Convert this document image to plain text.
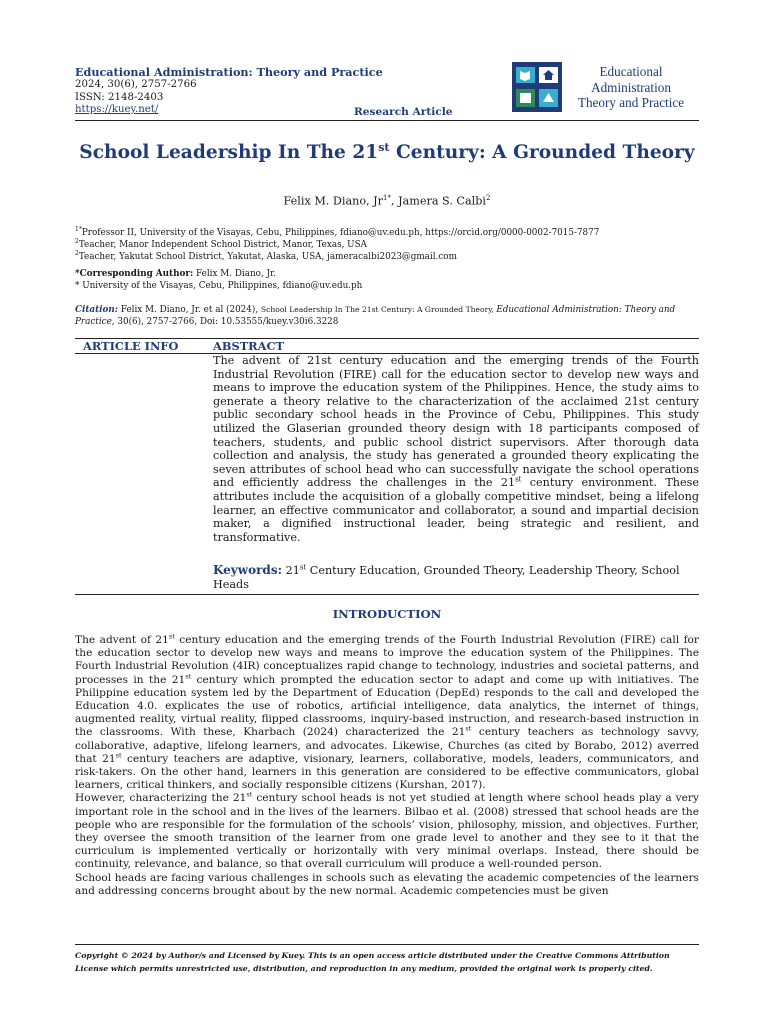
Educational Administration: Theory and Practice
2024, 30(6), 2757-2766
ISSN: 2148-2403
https://kuey.net/	Research Article
Educational
Administration
Theory and Practice
School Leadership In The 21st Century: A Grounded Theory
Felix M. Diano, $Jr^{1*}$, Jamera S. Calbi$^2$
$^{1*}$Professor II, University of the Visayas, Cebu, Philippines, fdiano@uv.edu.ph, https://orcid.org/0000-0002-7015-7877
$^2$Teacher, Manor Independent School District, Manor, Texas, USA
$^2$Teacher, Yakutat School District, Yakutat, Alaska, USA, jameracalbi2023@gmail.com
*Corresponding Author: Felix M. Diano, Jr.
* University of the Visayas, Cebu, Philippines, fdiano@uv.edu.ph
Citation: Felix M. Diano, Jr. et al (2024), School Leadership In The 21st Century: A Grounded Theory, Educational Administration: Theory and Practice, 30(6), 2757-2766, Doi: 10.53555/kuey.v30i6.3228
ARTICLE INFO	ABSTRACT
The advent of 21st century education and the emerging trends of the Fourth Industrial Revolution (FIRE) call for the education sector to develop new ways and means to improve the education system of the Philippines. Hence, the study aims to generate a theory relative to the characterization of the acclaimed 21st century public secondary school heads in the Province of Cebu, Philippines. This study utilized the Glaserian grounded theory design with 18 participants composed of teachers, students, and public school district supervisors. After thorough data collection and analysis, the study has generated a grounded theory explicating the seven attributes of school head who can successfully navigate the school operations and efficiently address the challenges in the 21st century environment. These attributes include the acquisition of a globally competitive mindset, being a lifelong learner, an effective communicator and collaborator, a sound and impartial decision maker, a dignified instructional leader, being strategic and resilient, and transformative.
Keywords: 21st Century Education, Grounded Theory, Leadership Theory, School Heads
INTRODUCTION

The advent of 21st century education and the emerging trends of the Fourth Industrial Revolution (FIRE) call for the education sector to develop new ways and means to improve the education system of the Philippines. The Fourth Industrial Revolution (4IR) conceptualizes rapid change to technology, industries and societal patterns, and processes in the 21st century which prompted the education sector to adapt and come up with initiatives. The Philippine education system led by the Department of Education (DepEd) responds to the call and developed the Education 4.0. explicates the use of robotics, artificial intelligence, data analytics, the internet of things, augmented reality, virtual reality, flipped classrooms, inquiry-based instruction, and research-based instruction in the classrooms. With these, Kharbach (2024) characterized the 21st century teachers as technology savvy, collaborative, adaptive, lifelong learners, and advocates. Likewise, Churches (as cited by Borabo, 2012) averred that 21st century teachers are adaptive, visionary, learners, collaborative, models, leaders, communicators, and risk-takers. On the other hand, learners in this generation are considered to be effective communicators, global learners, critical thinkers, and socially responsible citizens (Kurshan, 2017).

However, characterizing the 21st century school heads is not yet studied at length where school heads play a very important role in the school and in the lives of the learners. Bilbao et al. (2008) stressed that school heads are the people who are responsible for the formulation of the schools’ vision, philosophy, mission, and objectives. Further, they oversee the smooth transition of the learner from one grade level to another and they see to it that the curriculum is implemented vertically or horizontally with very minimal overlaps. Instead, there should be continuity, relevance, and balance, so that overall curriculum will produce a well-rounded person.

School heads are facing various challenges in schools such as elevating the academic competencies of the learners and addressing concerns brought about by the new normal. Academic competencies must be given

Copyright © 2024 by Author/s and Licensed by Kuey. This is an open access article distributed under the Creative Commons Attribution License which permits unrestricted use, distribution, and reproduction in any medium, provided the original work is properly cited.
